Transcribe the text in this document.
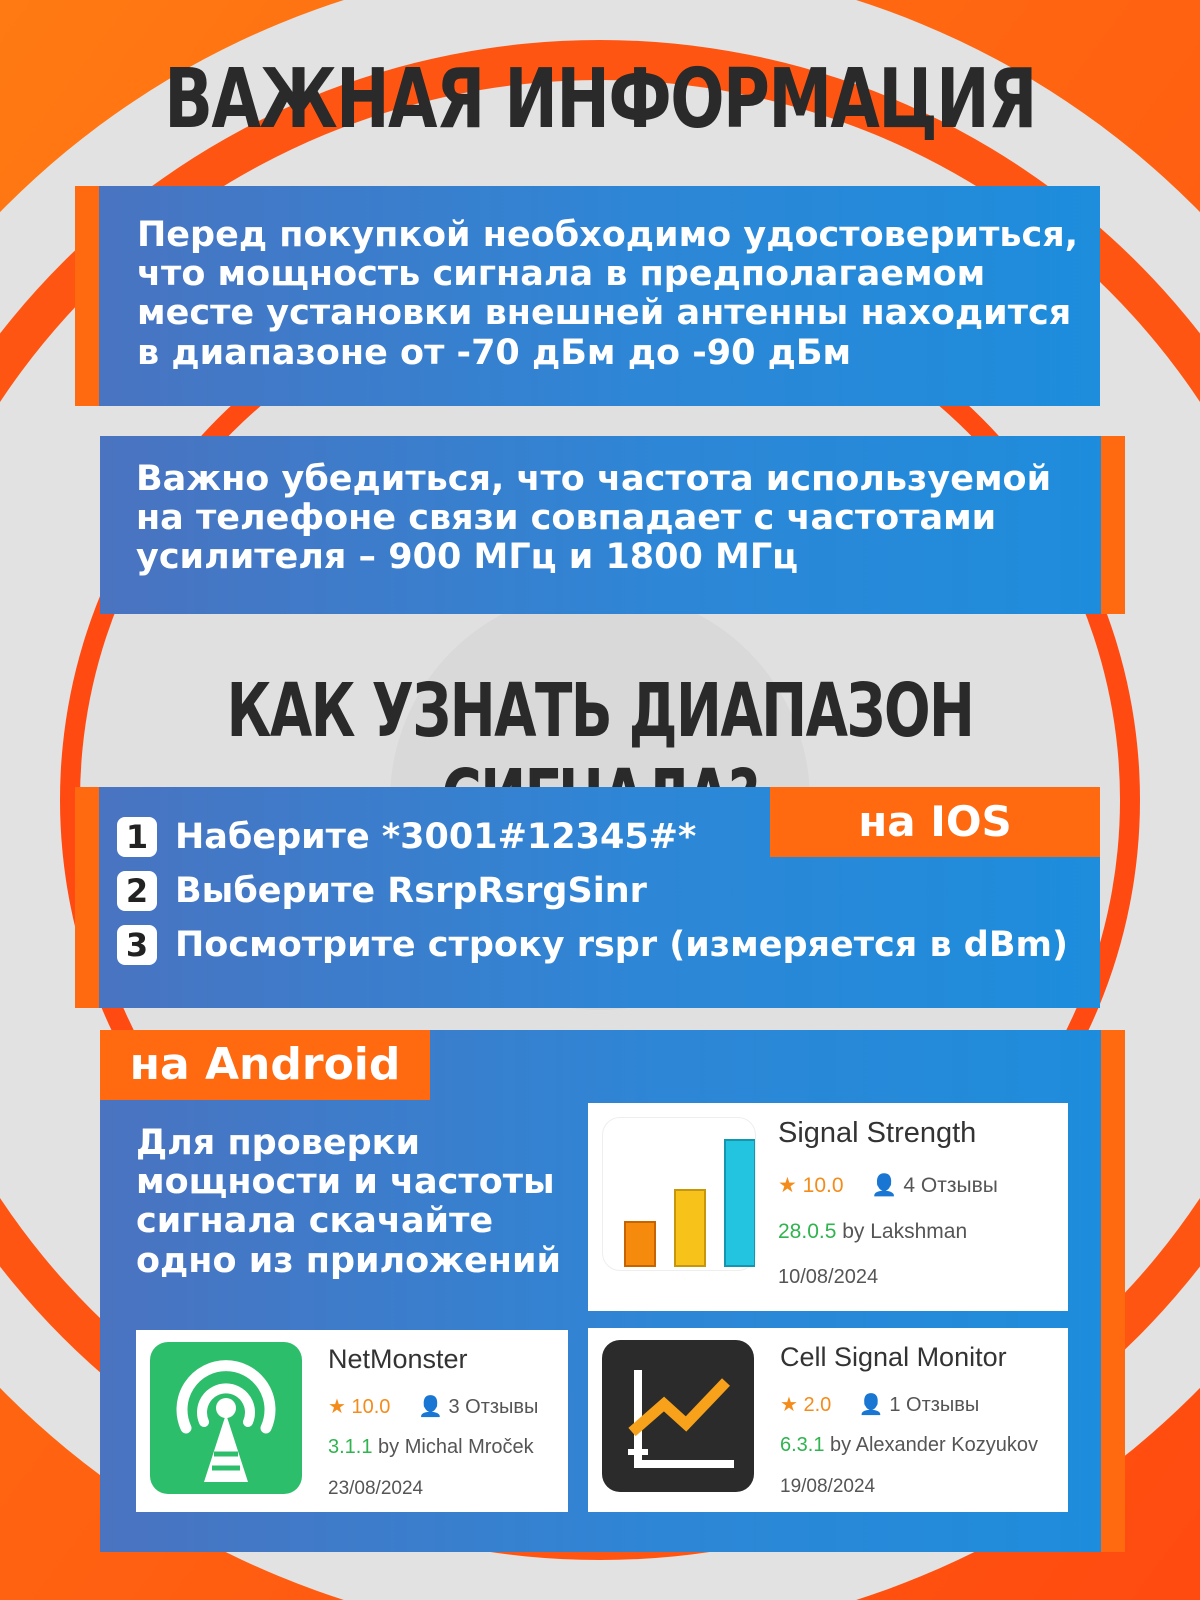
ВАЖНАЯ ИНФОРМАЦИЯ

Перед покупкой необходимо удостовериться, что мощность сигнала в предполагаемом месте установки внешней антенны находится в диапазоне от -70 дБм до -90 дБм

Важно убедиться, что частота используемой на телефоне связи совпадает с частотами усилителя – 900 МГц и 1800 МГц

КАК УЗНАТЬ ДИАПАЗОН
на IOS
1 Наберите *3001#12345#*
2 Выберите RsrpRsrgSinr
3 Посмотрите строку rspr (измеряется в dBm)
на Android

Для проверки мощности и частоты сигнала скачайте одно из приложений

Signal Strength
★ 10.0 👤 4 Отзывы
28.0.5 by Lakshman
10/08/2024
NetMonster
★ 10.0 👤 3 Отзывы
3.1.1 by Michal Mroček
23/08/2024
Cell Signal Monitor
★ 2.0 👤 1 Отзывы
6.3.1 by Alexander Kozyukov
19/08/2024
